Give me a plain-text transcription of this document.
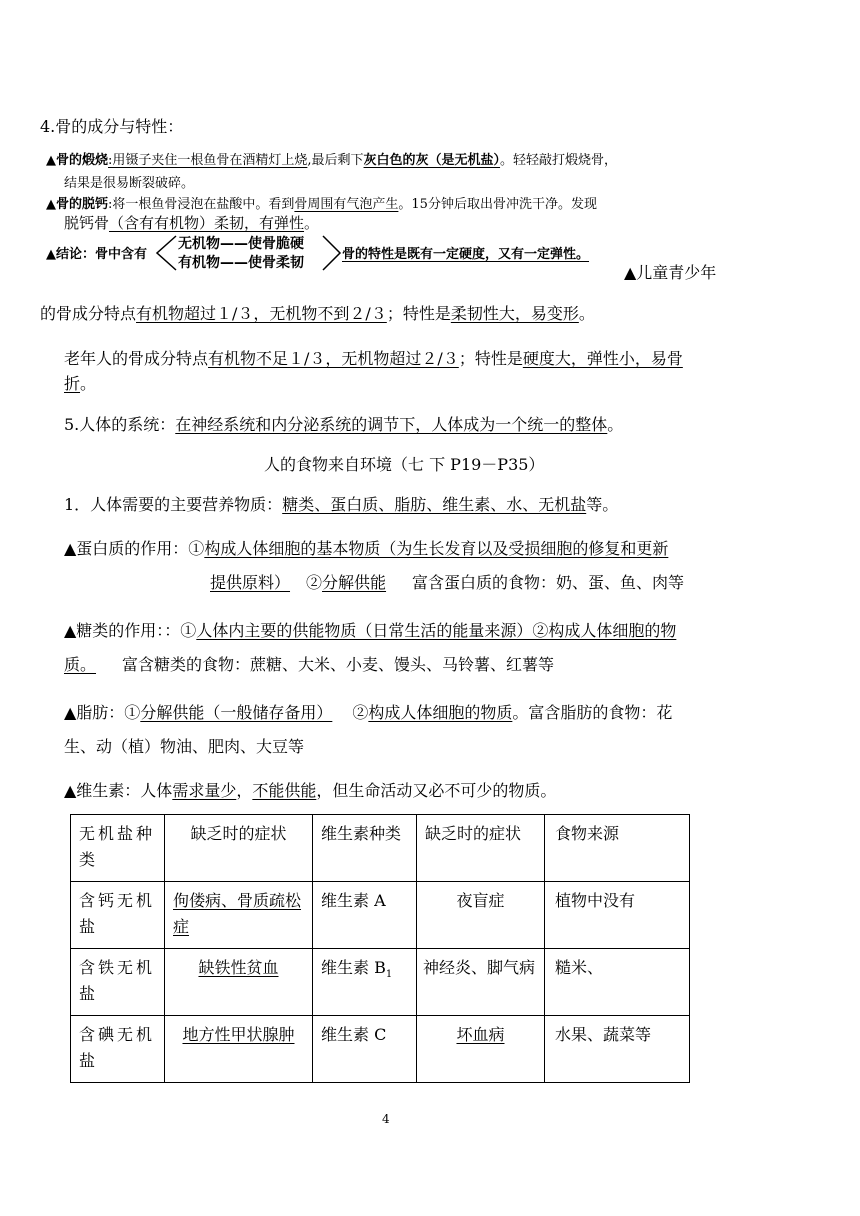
4.骨的成分与特性：
▲骨的煅烧:用镊子夹住一根鱼骨在酒精灯上烧,最后剩下灰白色的灰（是无机盐）。轻轻敲打煅烧骨，
结果是很易断裂破碎。
▲骨的脱钙:将一根鱼骨浸泡在盐酸中。看到骨周围有气泡产生。15分钟后取出骨冲洗干净。发现
脱钙骨（含有有机物）柔韧，有弹性。
▲结论：骨中含有
无机物——使骨脆硬
有机物——使骨柔韧
骨的特性是既有一定硬度，又有一定弹性。
▲儿童青少年
的骨成分特点有机物超过１/３，无机物不到２/３；特性是柔韧性大，易变形。
老年人的骨成分特点有机物不足１/３，无机物超过２/３；特性是硬度大，弹性小，易骨
折。
5.人体的系统：在神经系统和内分泌系统的调节下，人体成为一个统一的整体。
人的食物来自环境（七 下 P19－P35）
1．人体需要的主要营养物质：糖类、蛋白质、脂肪、维生素、水、无机盐等。
▲蛋白质的作用：①构成人体细胞的基本物质（为生长发育以及受损细胞的修复和更新
提供原料） ②分解供能 富含蛋白质的食物：奶、蛋、鱼、肉等
▲糖类的作用：：①人体内主要的供能物质（日常生活的能量来源）②构成人体细胞的物
质。 富含糖类的食物：蔗糖、大米、小麦、馒头、马铃薯、红薯等
▲脂肪：①分解供能（一般储存备用） ②构成人体细胞的物质。富含脂肪的食物：花
生、动（植）物油、肥肉、大豆等
▲维生素：人体需求量少，不能供能，但生命活动又必不可少的物质。
无机盐种类	缺乏时的症状	维生素种类	缺乏时的症状	食物来源
含钙无机盐	佝偻病、骨质疏松症	维生素 A	夜盲症	植物中没有
含铁无机盐	缺铁性贫血	维生素 $B_1$	神经炎、脚气病	糙米、
含碘无机盐	地方性甲状腺肿	维生素 C	坏血病	水果、蔬菜等
4
